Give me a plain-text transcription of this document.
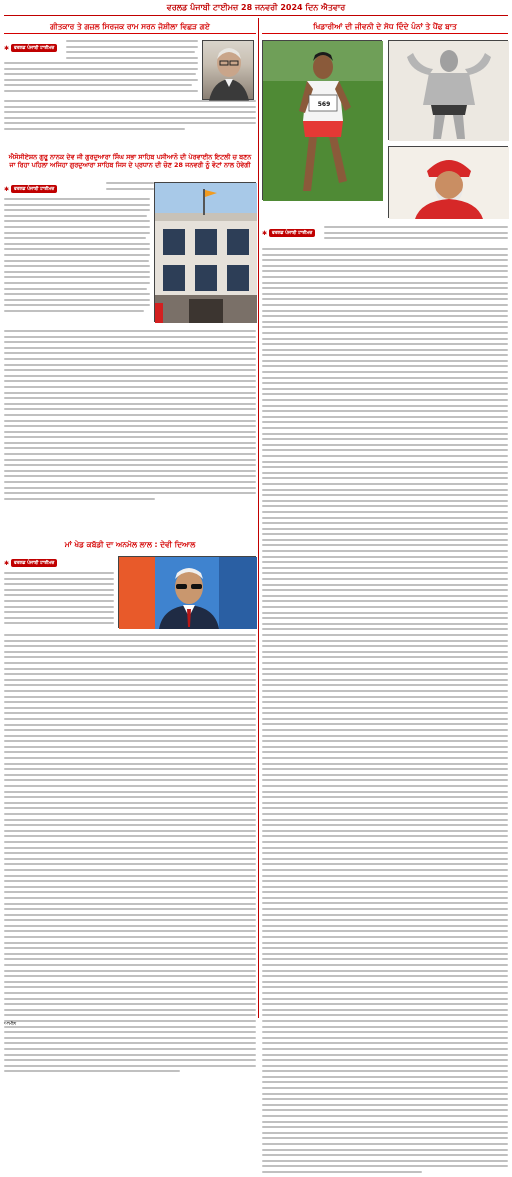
ਵਰਲਡ ਪੰਜਾਬੀ ਟਾਈਮਜ਼ 28 ਜਨਵਰੀ 2024 ਦਿਨ ਐਤਵਾਰ
ਗੀਤਕਾਰ ਤੇ ਗਜ਼ਲ ਸਿਰਜਕ ਰਾਮ ਸਰਨ ਜੋਸ਼ੀਲਾ ਵਿਛੜ ਗਏ
✱	ਵਰਲਡ ਪੰਜਾਬੀ ਟਾਈਮਜ਼
ਐਸੋਸੀਏਸ਼ਨ ਗੁਰੂ ਨਾਨਕ ਦੇਵ ਜੀ ਗੁਰਦੁਆਰਾ ਸਿੰਘ ਸਭਾ ਸਾਹਿਬ ਪਸੀਆਨੋ ਦੀ ਪੇਰਵਾਈਨ ਇਟਲੀ ਚ ਬਣਨ ਜਾ ਰਿਹਾ ਪਹਿਲਾ ਅਜਿਹਾ ਗੁਰਦੁਆਰਾ ਸਾਹਿਬ ਜਿਸ ਦੇ ਪ੍ਰਧਾਨ ਦੀ ਚੋਣ 28 ਜਨਵਰੀ ਨੂੰ ਵੋਟਾਂ ਨਾਲ ਹੋਵੇਗੀ
✱	ਵਰਲਡ ਪੰਜਾਬੀ ਟਾਈਮਜ਼
ਮਾਂ ਖੇਡ ਕਬੱਡੀ ਦਾ ਅਨਮੋਲ ਲਾਲ : ਦੇਵੀ ਦਿਆਲ
✱	ਵਰਲਡ ਪੰਜਾਬੀ ਟਾਈਮਜ਼
ਆਮੀਨ
ਖਿਡਾਰੀਆਂ ਦੀ ਜੀਵਨੀ ਦੇ ਸੋਧ ਦਿੰਦੇ ਪੰਨਾਂ ਤੇ ਪੈਂਫ ਬਾਤ
569
✱	ਵਰਲਡ ਪੰਜਾਬੀ ਟਾਈਮਜ਼
